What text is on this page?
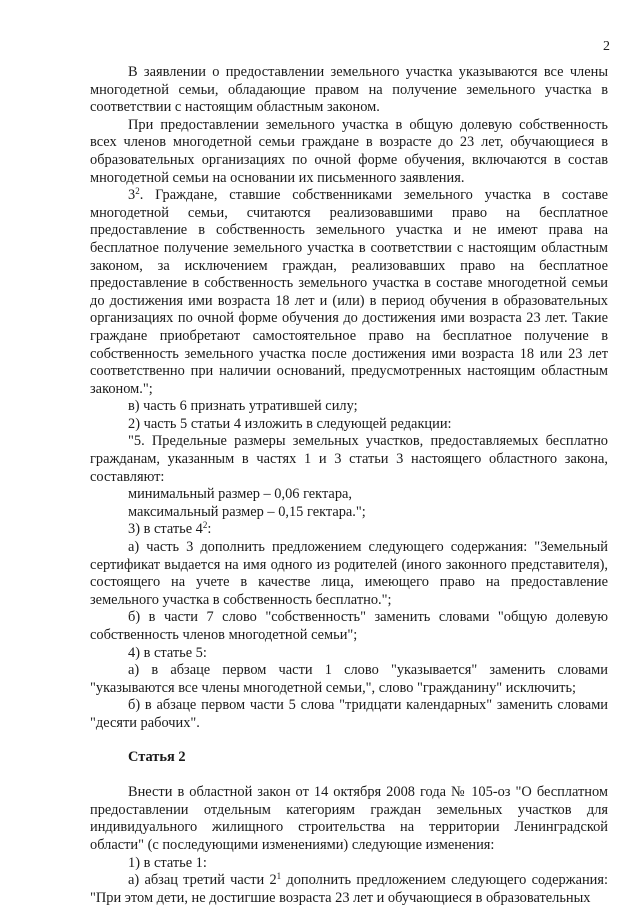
2

В заявлении о предоставлении земельного участка указываются все члены многодетной семьи, обладающие правом на получение земельного участка в соответствии с настоящим областным законом.

При предоставлении земельного участка в общую долевую собственность всех членов многодетной семьи граждане в возрасте до 23 лет, обучающиеся в образовательных организациях по очной форме обучения, включаются в состав многодетной семьи на основании их письменного заявления.

$3^2$. Граждане, ставшие собственниками земельного участка в составе многодетной семьи, считаются реализовавшими право на бесплатное предоставление в собственность земельного участка и не имеют права на бесплатное получение земельного участка в соответствии с настоящим областным законом, за исключением граждан, реализовавших право на бесплатное предоставление в собственность земельного участка в составе многодетной семьи до достижения ими возраста 18 лет и (или) в период обучения в образовательных организациях по очной форме обучения до достижения ими возраста 23 лет. Такие граждане приобретают самостоятельное право на бесплатное получение в собственность земельного участка после достижения ими возраста 18 или 23 лет соответственно при наличии оснований, предусмотренных настоящим областным законом.";

в) часть 6 признать утратившей силу;

2) часть 5 статьи 4 изложить в следующей редакции:

"5. Предельные размеры земельных участков, предоставляемых бесплатно гражданам, указанным в частях 1 и 3 статьи 3 настоящего областного закона, составляют:

минимальный размер – 0,06 гектара,

максимальный размер – 0,15 гектара.";

3) в статье $4^2$:

а) часть 3 дополнить предложением следующего содержания: "Земельный сертификат выдается на имя одного из родителей (иного законного представителя), состоящего на учете в качестве лица, имеющего право на предоставление земельного участка в собственность бесплатно.";

б) в части 7 слово "собственность" заменить словами "общую долевую собственность членов многодетной семьи";

4) в статье 5:

а) в абзаце первом части 1 слово "указывается" заменить словами "указываются все члены многодетной семьи,", слово "гражданину" исключить;

б) в абзаце первом части 5 слова "тридцати календарных" заменить словами "десяти рабочих".

Статья 2

Внести в областной закон от 14 октября 2008 года № 105-оз "О бесплатном предоставлении отдельным категориям граждан земельных участков для индивидуального жилищного строительства на территории Ленинградской области" (с последующими изменениями) следующие изменения:

1) в статье 1:

а) абзац третий части $2^1$ дополнить предложением следующего содержания: "При этом дети, не достигшие возраста 23 лет и обучающиеся в образовательных
